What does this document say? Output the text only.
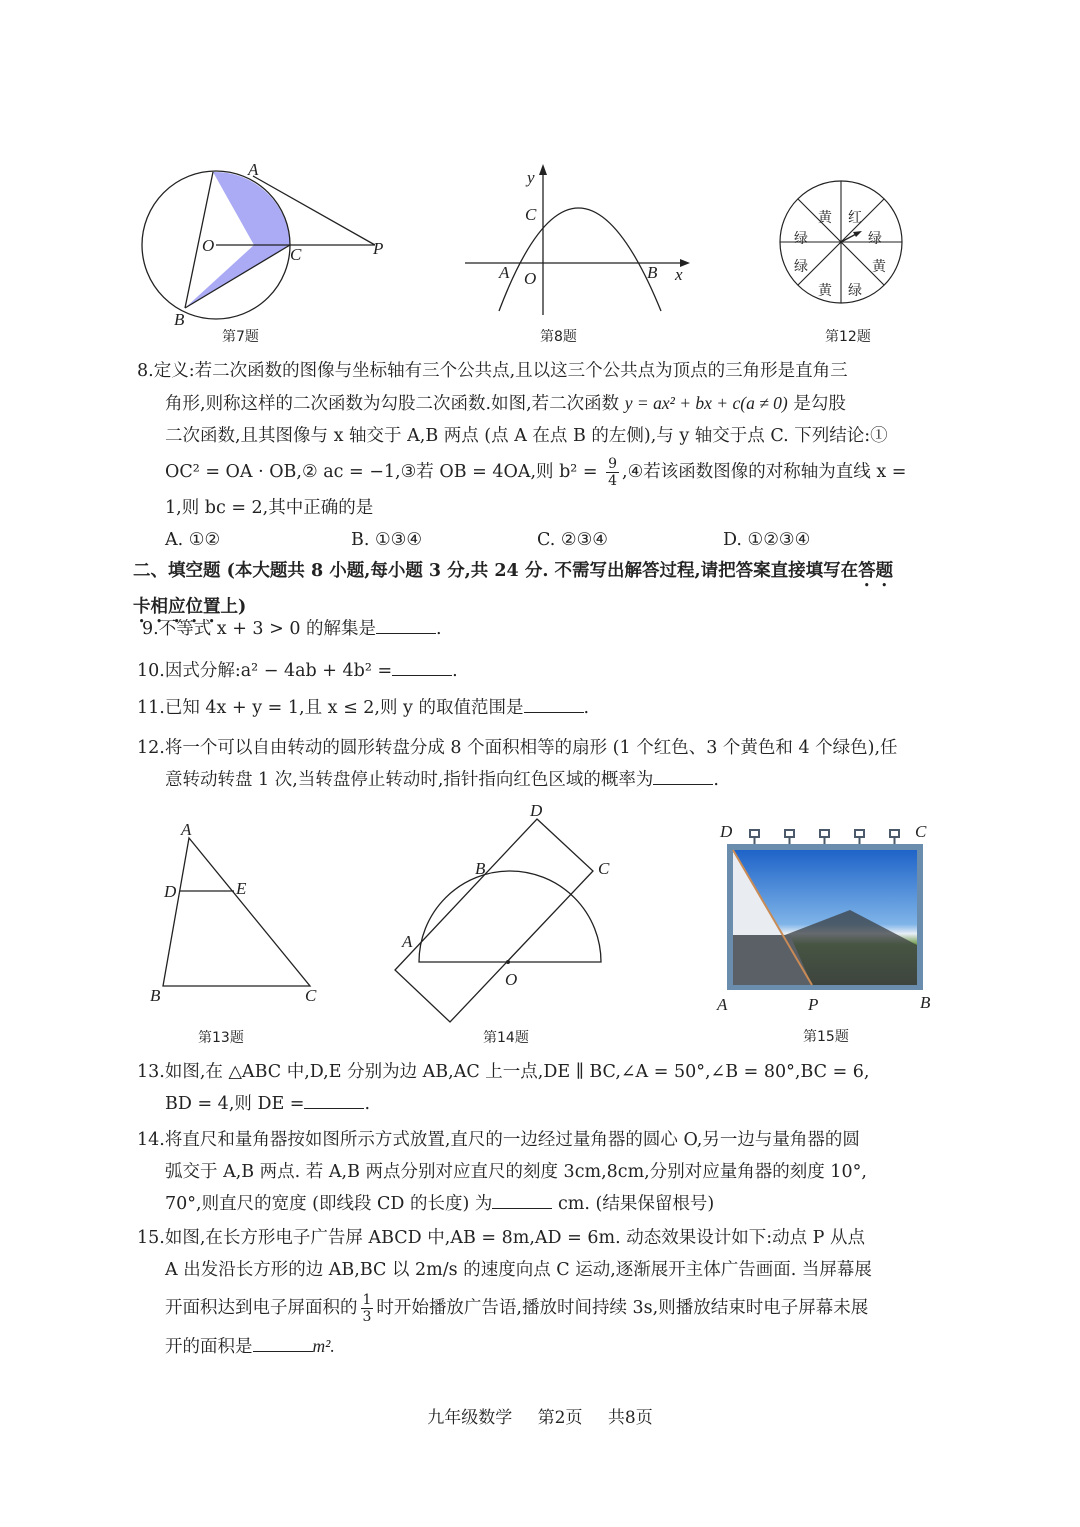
A
O	C	P
B
第7题
y
C
A O	B x
第8题
黄 红
绿
黄
绿
黄
绿
绿
第12题
8.定义:若二次函数的图像与坐标轴有三个公共点,且以这三个公共点为顶点的三角形是直角三
角形,则称这样的二次函数为勾股二次函数.如图,若二次函数 y = ax² + bx + c(a ≠ 0) 是勾股
二次函数,且其图像与 x 轴交于 A,B 两点 (点 A 在点 B 的左侧),与 y 轴交于点 C. 下列结论:①
OC² = OA · OB,② ac = −1,③若 OB = 4OA,则 $b^2 = \frac{9}{4}$ ,④若该函数图像的对称轴为直线 x =
1,则 bc = 2,其中正确的是
A. ①②	B. ①③④	C. ②③④	D. ①②③④
二、填空题 (本大题共 8 小题,每小题 3 分,共 24 分. 不需写出解答过程,请把答案直接填写在答题
卡相应位置上)
9.不等式 x + 3 > 0 的解集是	.
10.因式分解:a² − 4ab + 4b² =	.
11.已知 4x + y = 1,且 x ≤ 2,则 y 的取值范围是	.
12.将一个可以自由转动的圆形转盘分成 8 个面积相等的扇形 (1 个红色、3 个黄色和 4 个绿色),任
意转动转盘 1 次,当转盘停止转动时,指针指向红色区域的概率为	.
A
D	E
B	C
第13题
D
B	C
A
O
第14题
D	C
A	P	B
第15题
13.如图,在 △ABC 中,D,E 分别为边 AB,AC 上一点,DE ∥ BC,∠A = 50°,∠B = 80°,BC = 6,
BD = 4,则 DE =	.
14.将直尺和量角器按如图所示方式放置,直尺的一边经过量角器的圆心 O,另一边与量角器的圆
弧交于 A,B 两点. 若 A,B 两点分别对应直尺的刻度 3cm,8cm,分别对应量角器的刻度 10°,
70°,则直尺的宽度 (即线段 CD 的长度) 为	cm. (结果保留根号)
15.如图,在长方形电子广告屏 ABCD 中,AB = 8m,AD = 6m. 动态效果设计如下:动点 P 从点
A 出发沿长方形的边 AB,BC 以 2m/s 的速度向点 C 运动,逐渐展开主体广告画面. 当屏幕展
开面积达到电子屏面积的 $\frac{1}{3}$ 时开始播放广告语,播放时间持续 3s,则播放结束时电子屏幕未展
开的面积是	m².
九年级数学 第2页 共8页
